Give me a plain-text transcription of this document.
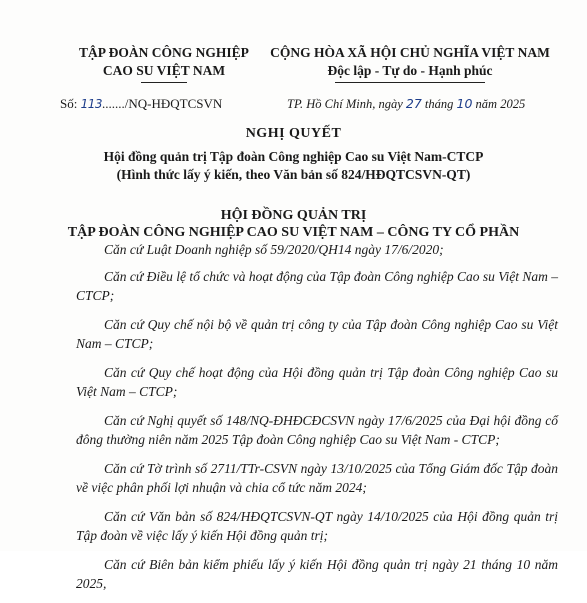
TẬP ĐOÀN CÔNG NGHIỆP
CAO SU VIỆT NAM
CỘNG HÒA XÃ HỘI CHỦ NGHĨA VIỆT NAM
Độc lập - Tự do - Hạnh phúc
Số: 113......./NQ-HĐQTCSVN	TP. Hồ Chí Minh, ngày 27 tháng 10 năm 2025
NGHỊ QUYẾT
Hội đồng quản trị Tập đoàn Công nghiệp Cao su Việt Nam-CTCP
(Hình thức lấy ý kiến, theo Văn bản số 824/HĐQTCSVN-QT)
HỘI ĐỒNG QUẢN TRỊ
TẬP ĐOÀN CÔNG NGHIỆP CAO SU VIỆT NAM – CÔNG TY CỔ PHẦN

Căn cứ Luật Doanh nghiệp số 59/2020/QH14 ngày 17/6/2020;

Căn cứ Điều lệ tổ chức và hoạt động của Tập đoàn Công nghiệp Cao su Việt Nam – CTCP;

Căn cứ Quy chế nội bộ về quản trị công ty của Tập đoàn Công nghiệp Cao su Việt Nam – CTCP;

Căn cứ Quy chế hoạt động của Hội đồng quản trị Tập đoàn Công nghiệp Cao su Việt Nam – CTCP;

Căn cứ Nghị quyết số 148/NQ-ĐHĐCĐCSVN ngày 17/6/2025 của Đại hội đồng cổ đông thường niên năm 2025 Tập đoàn Công nghiệp Cao su Việt Nam - CTCP;

Căn cứ Tờ trình số 2711/TTr-CSVN ngày 13/10/2025 của Tổng Giám đốc Tập đoàn về việc phân phối lợi nhuận và chia cổ tức năm 2024;

Căn cứ Văn bản số 824/HĐQTCSVN-QT ngày 14/10/2025 của Hội đồng quản trị Tập đoàn về việc lấy ý kiến Hội đồng quản trị;

Căn cứ Biên bản kiểm phiếu lấy ý kiến Hội đồng quản trị ngày 21 tháng 10 năm 2025,
